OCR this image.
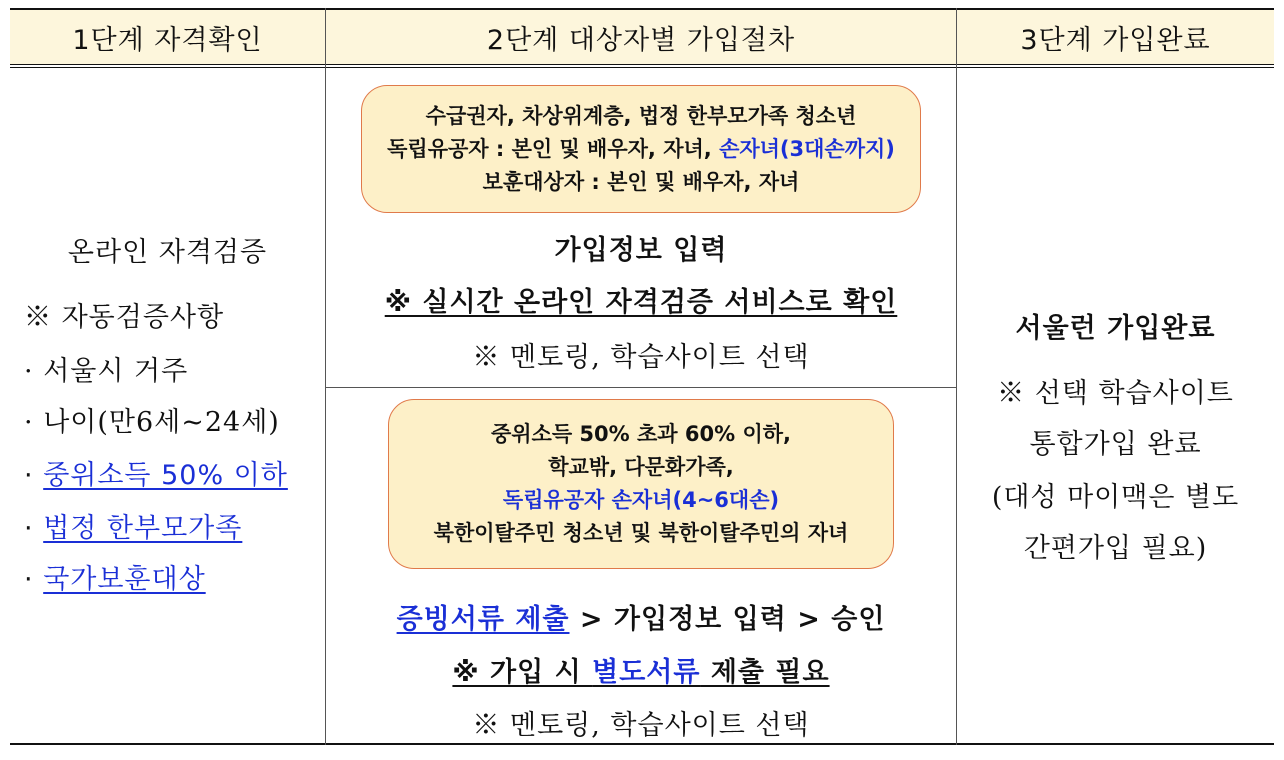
1단계 자격확인	2단계 대상자별 가입절차	3단계 가입완료
온라인 자격검증
※ 자동검증사항
· 서울시 거주
· 나이(만6세~24세)
· 중위소득 50% 이하
· 법정 한부모가족
· 국가보훈대상
수급권자, 차상위계층, 법정 한부모가족 청소년
독립유공자 : 본인 및 배우자, 자녀, 손자녀(3대손까지)
보훈대상자 : 본인 및 배우자, 자녀
가입정보 입력
※ 실시간 온라인 자격검증 서비스로 확인
※ 멘토링, 학습사이트 선택
중위소득 50% 초과 60% 이하,
학교밖, 다문화가족,
독립유공자 손자녀(4~6대손)
북한이탈주민 청소년 및 북한이탈주민의 자녀
증빙서류 제출 > 가입정보 입력 > 승인
※ 가입 시 별도서류 제출 필요
※ 멘토링, 학습사이트 선택
서울런 가입완료
※ 선택 학습사이트
통합가입 완료
(대성 마이맥은 별도
간편가입 필요)
